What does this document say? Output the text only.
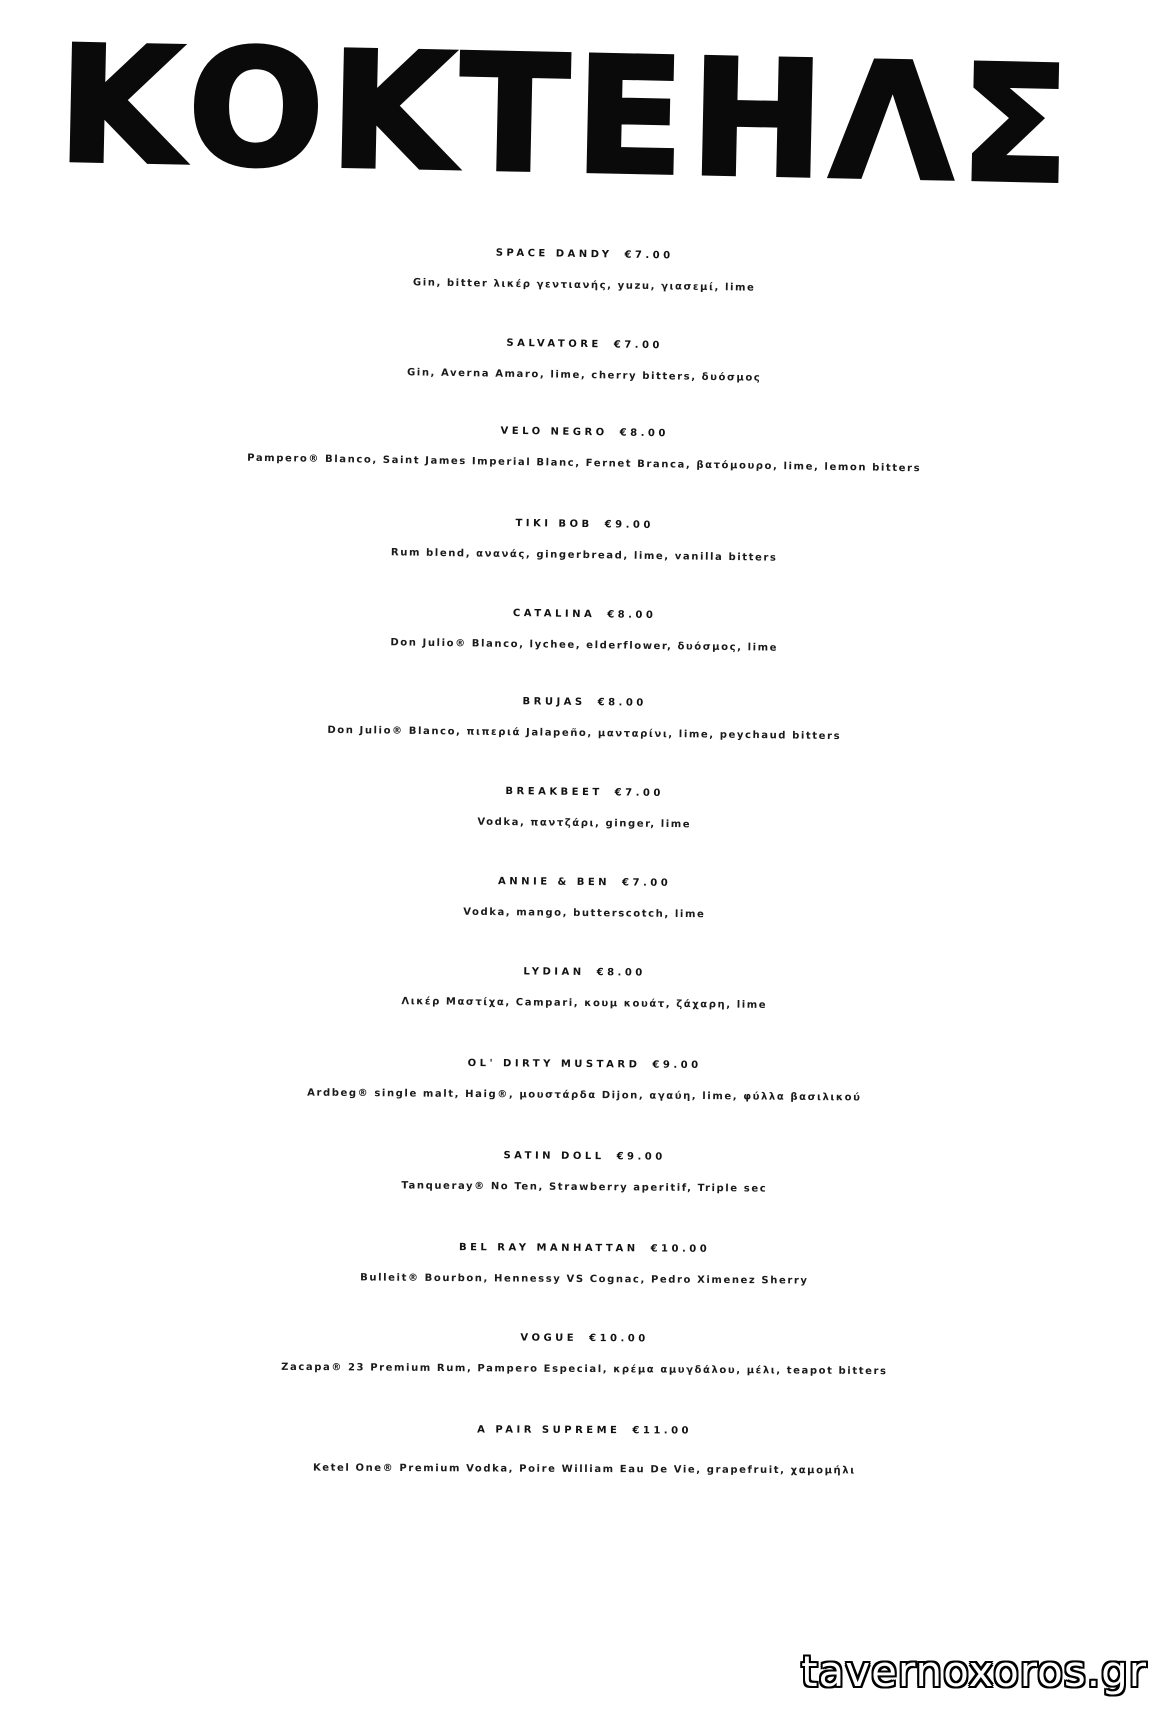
ΚΟΚΤΕΗΛΣ
SPACE DANDY €7.00
Gin, bitter λικέρ γεντιανής, yuzu, γιασεμί, lime
SALVATORE €7.00
Gin, Averna Amaro, lime, cherry bitters, δυόσμος
VELO NEGRO €8.00
Pampero® Blanco, Saint James Imperial Blanc, Fernet Branca, βατόμουρο, lime, lemon bitters
TIKI BOB €9.00
Rum blend, ανανάς, gingerbread, lime, vanilla bitters
CATALINA €8.00
Don Julio® Blanco, lychee, elderflower, δυόσμος, lime
BRUJAS €8.00
Don Julio® Blanco, πιπεριά Jalapeño, μανταρίνι, lime, peychaud bitters
BREAKBEET €7.00
Vodka, παντζάρι, ginger, lime
ANNIE & BEN €7.00
Vodka, mango, butterscotch, lime
LYDIAN €8.00
Λικέρ Μαστίχα, Campari, κουμ κουάτ, ζάχαρη, lime
OL' DIRTY MUSTARD €9.00
Ardbeg® single malt, Haig®, μουστάρδα Dijon, αγαύη, lime, φύλλα βασιλικού
SATIN DOLL €9.00
Tanqueray® No Ten, Strawberry aperitif, Triple sec
BEL RAY MANHATTAN €10.00
Bulleit® Bourbon, Hennessy VS Cognac, Pedro Ximenez Sherry
VOGUE €10.00
Zacapa® 23 Premium Rum, Pampero Especial, κρέμα αμυγδάλου, μέλι, teapot bitters
A PAIR SUPREME €11.00
Ketel One® Premium Vodka, Poire William Eau De Vie, grapefruit, χαμομήλι
tavernoxoros.gr
